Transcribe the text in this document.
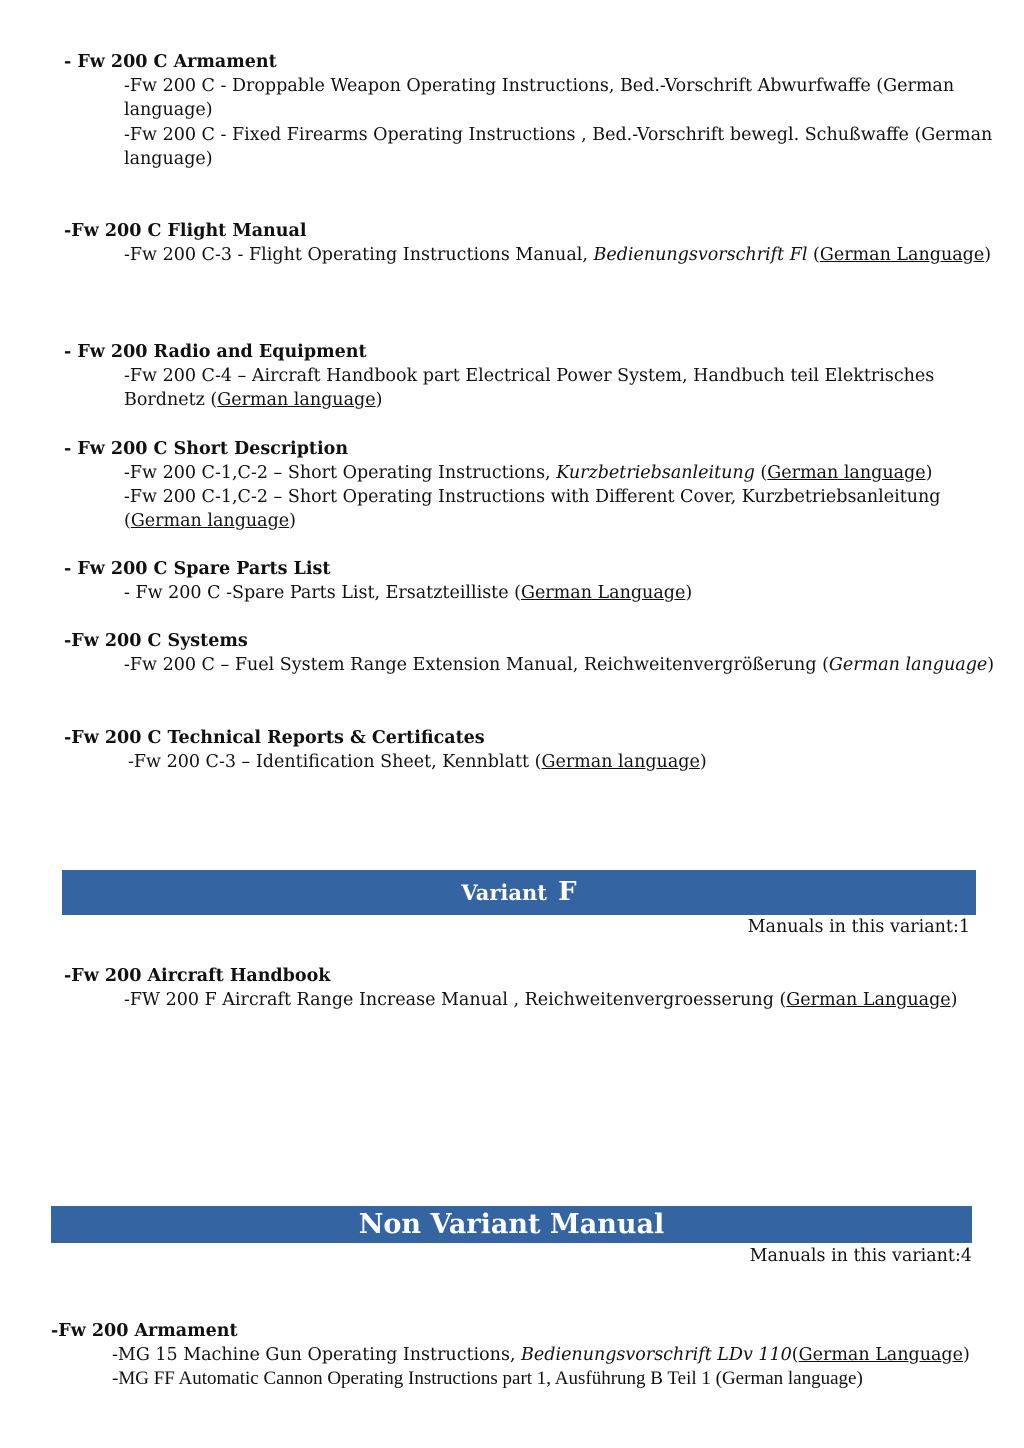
- Fw 200 C Armament
-Fw 200 C - Droppable Weapon Operating Instructions, Bed.-Vorschrift Abwurfwaffe (German
language)
-Fw 200 C - Fixed Firearms Operating Instructions , Bed.-Vorschrift bewegl. Schußwaffe (German
language)
-Fw 200 C Flight Manual
-Fw 200 C-3 - Flight Operating Instructions Manual, Bedienungsvorschrift Fl (German Language)
- Fw 200 Radio and Equipment
-Fw 200 C-4 – Aircraft Handbook part Electrical Power System, Handbuch teil Elektrisches
Bordnetz (German language)
- Fw 200 C Short Description
-Fw 200 C-1,C-2 – Short Operating Instructions, Kurzbetriebsanleitung (German language)
-Fw 200 C-1,C-2 – Short Operating Instructions with Different Cover, Kurzbetriebsanleitung
(German language)
- Fw 200 C Spare Parts List
- Fw 200 C -Spare Parts List, Ersatzteilliste (German Language)
-Fw 200 C Systems
-Fw 200 C – Fuel System Range Extension Manual, Reichweitenvergrößerung (German language)
-Fw 200 C Technical Reports & Certificates
-Fw 200 C-3 – Identification Sheet, Kennblatt (German language)
Variant F
Manuals in this variant:1
-Fw 200 Aircraft Handbook
-FW 200 F Aircraft Range Increase Manual , Reichweitenvergroesserung (German Language)
Non Variant Manual
Manuals in this variant:4
-Fw 200 Armament
-MG 15 Machine Gun Operating Instructions, Bedienungsvorschrift LDv 110(German Language)
-MG FF Automatic Cannon Operating Instructions part 1, Ausführung B Teil 1 (German language)
